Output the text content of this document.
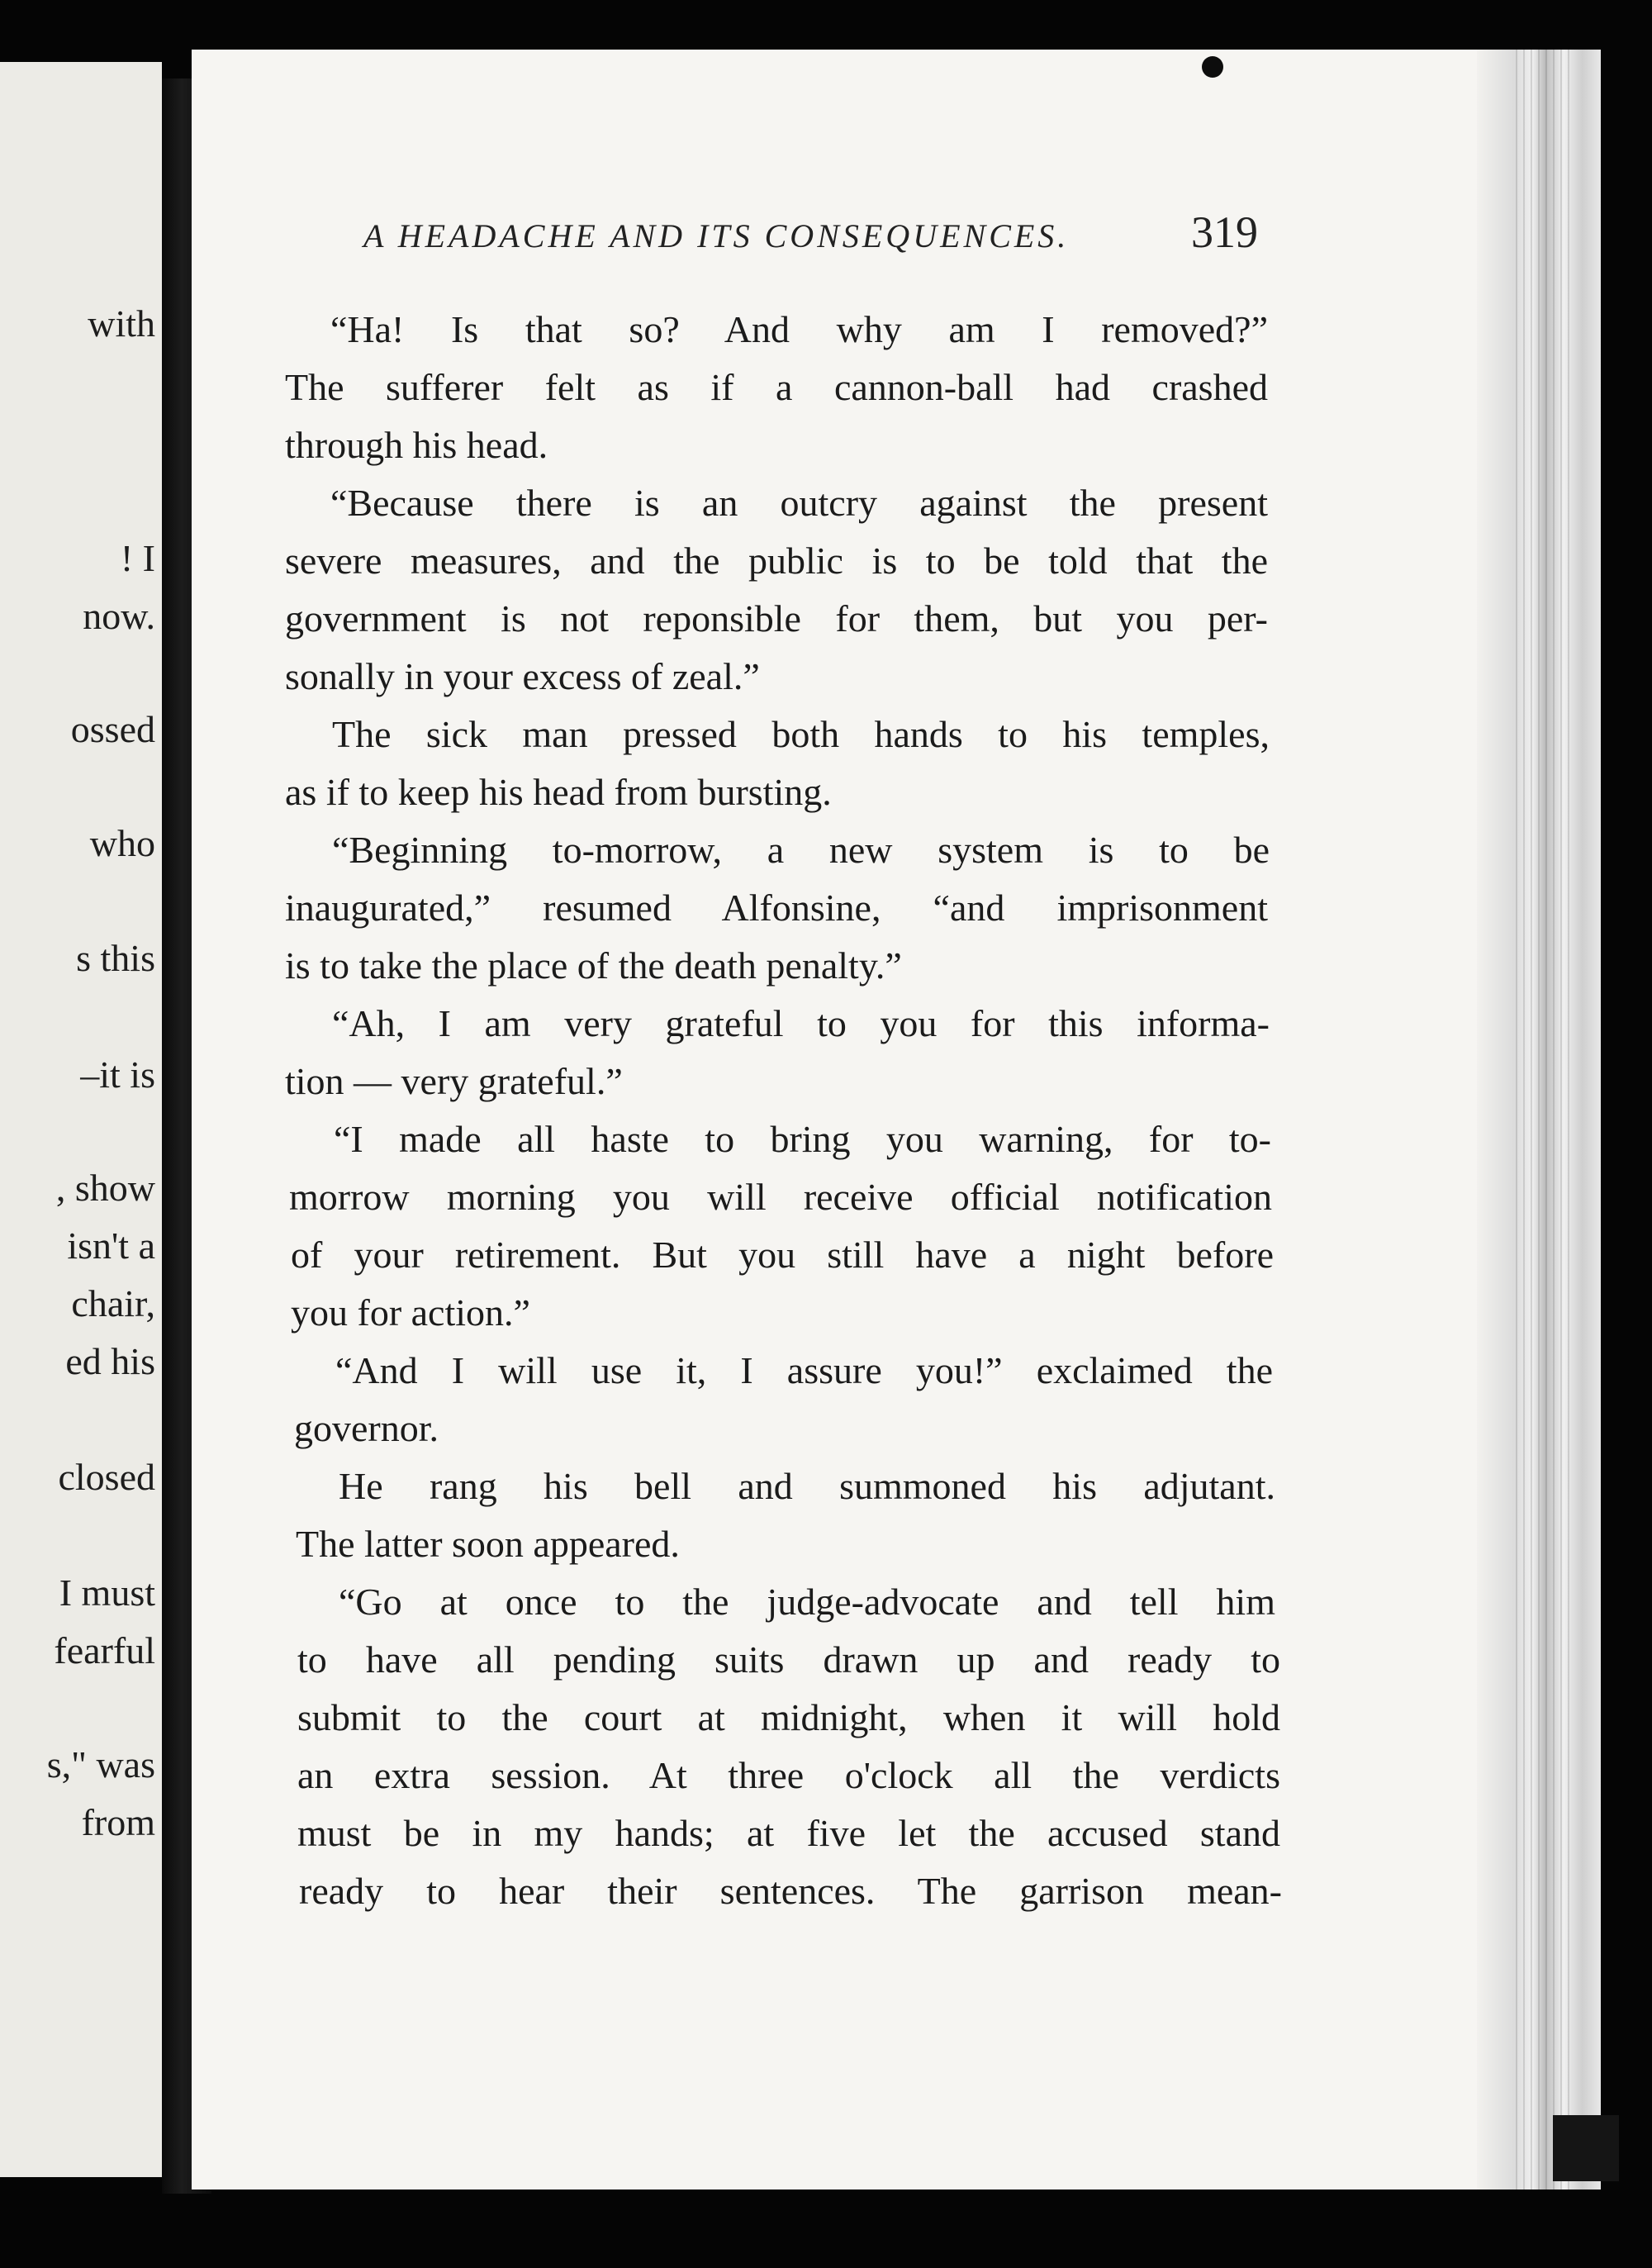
with
! I
now.
ossed
who
s this
–it is
, show
isn't a
chair,
ed his
closed
I must
fearful
s," was
from
A HEADACHE AND ITS CONSEQUENCES.	319
“Ha! Is that so? And why am I removed?”
The sufferer felt as if a cannon-ball had crashed
through his head.
“Because there is an outcry against the present
severe measures, and the public is to be told that the
government is not reponsible for them, but you per-
sonally in your excess of zeal.”
The sick man pressed both hands to his temples,
as if to keep his head from bursting.
“Beginning to-morrow, a new system is to be
inaugurated,” resumed Alfonsine, “and imprisonment
is to take the place of the death penalty.”
“Ah, I am very grateful to you for this informa-
tion — very grateful.”
“I made all haste to bring you warning, for to-
morrow morning you will receive official notification
of your retirement. But you still have a night before
you for action.”
“And I will use it, I assure you!” exclaimed the
governor.
He rang his bell and summoned his adjutant.
The latter soon appeared.
“Go at once to the judge-advocate and tell him
to have all pending suits drawn up and ready to
submit to the court at midnight, when it will hold
an extra session. At three o'clock all the verdicts
must be in my hands; at five let the accused stand
ready to hear their sentences. The garrison mean-
